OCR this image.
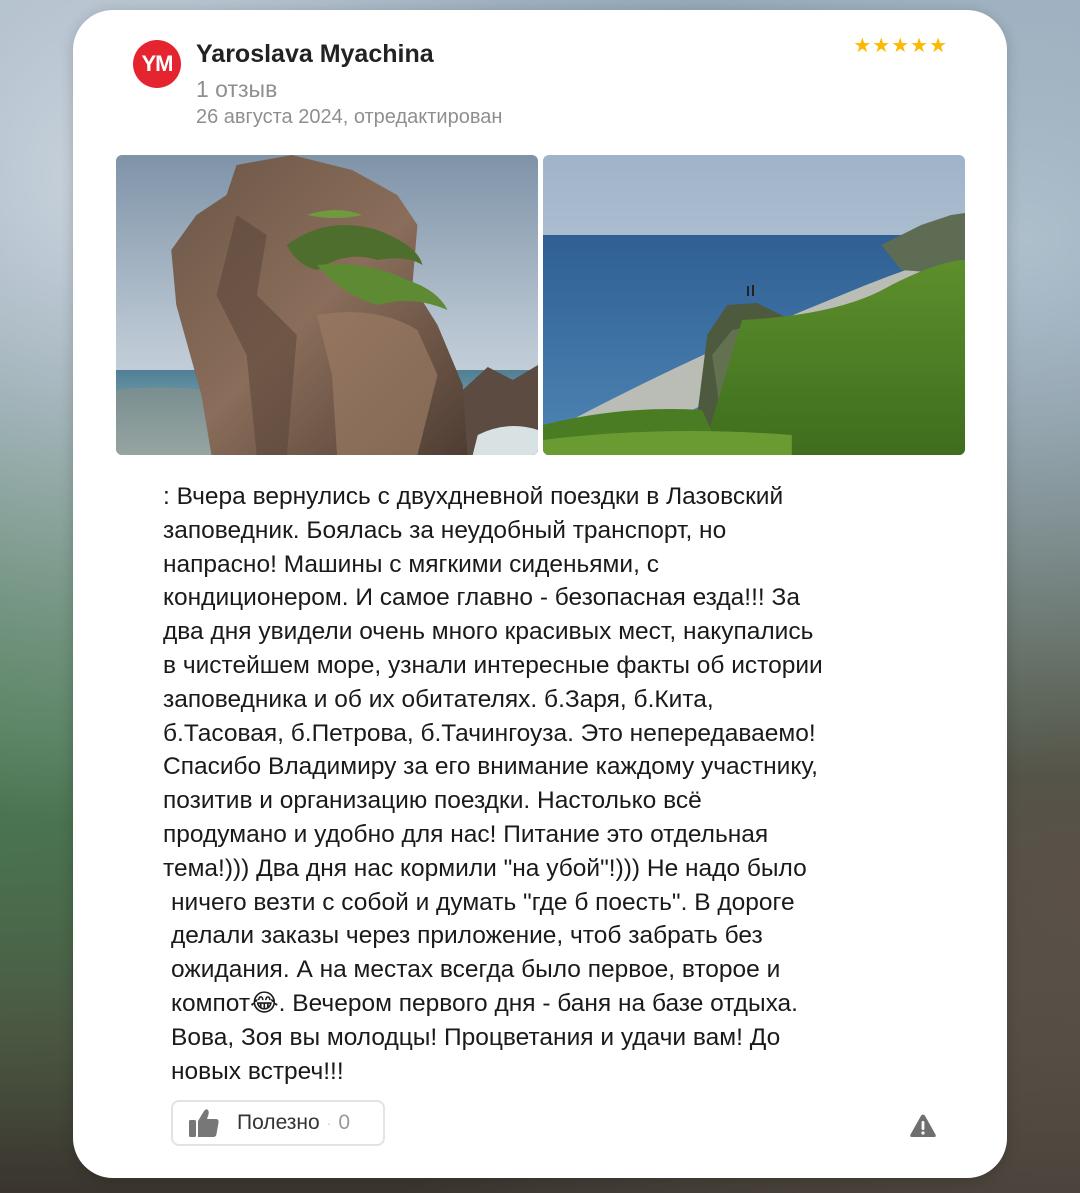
YM Yaroslava Myachina
1 отзыв
26 августа 2024, отредактирован
★ ★ ★ ★ ★

: Вчера вернулись с двухдневной поездки в Лазовский

заповедник. Боялась за неудобный транспорт, но

напрасно! Машины с мягкими сиденьями, с

кондиционером. И самое главно - безопасная езда!!! За

два дня увидели очень много красивых мест, накупались

в чистейшем море, узнали интересные факты об истории

заповедника и об их обитателях. б.Заря, б.Кита,

б.Тасовая, б.Петрова, б.Тачингоуза. Это непередаваемо!

Спасибо Владимиру за его внимание каждому участнику,

позитив и организацию поездки. Настолько всё

продумано и удобно для нас! Питание это отдельная

тема!))) Два дня нас кормили "на убой"!))) Не надо было

ничего везти с собой и думать "где б поесть". В дороге

делали заказы через приложение, чтоб забрать без

ожидания. А на местах всегда было первое, второе и

компот😂. Вечером первого дня - баня на базе отдыха.

Вова, Зоя вы молодцы! Процветания и удачи вам! До

новых встреч!!!

Полезно · 0
